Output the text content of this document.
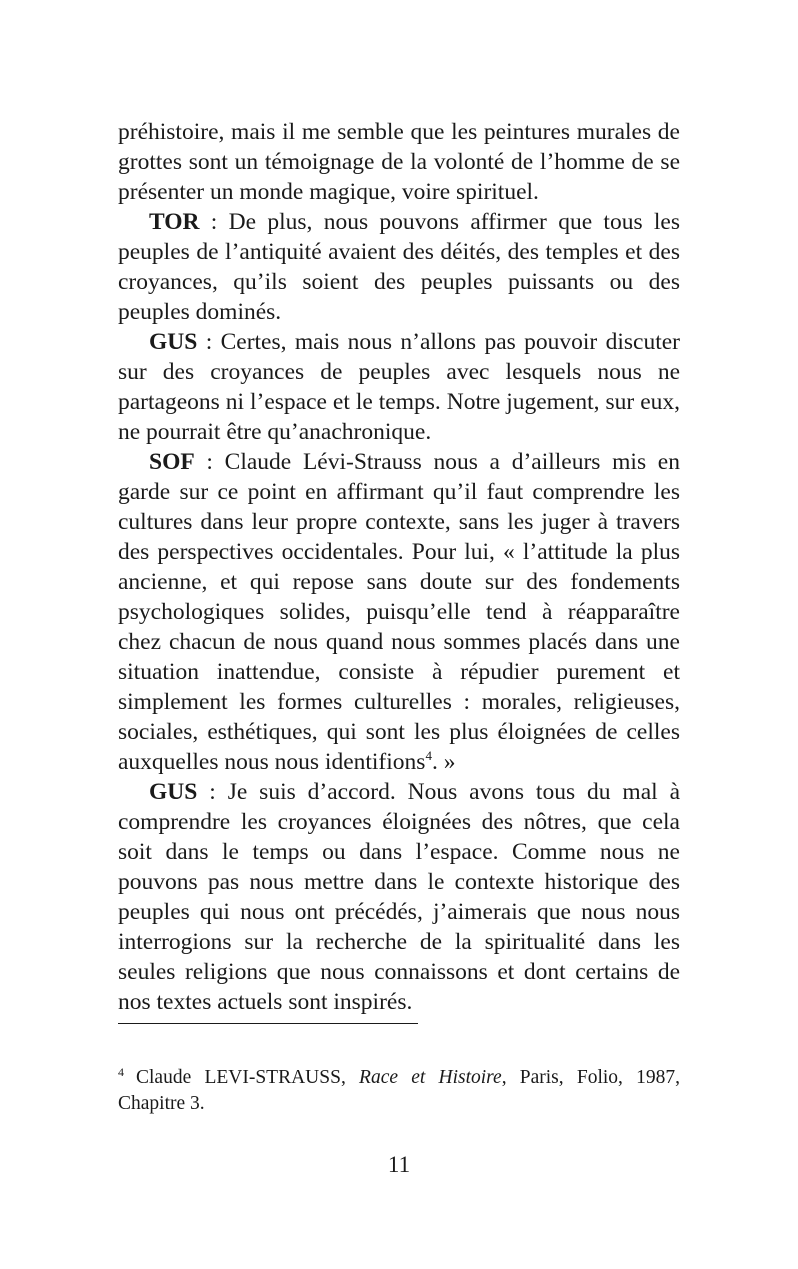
préhistoire, mais il me semble que les peintures murales de grottes sont un témoignage de la volonté de l’homme de se présenter un monde magique, voire spirituel.

TOR : De plus, nous pouvons affirmer que tous les peuples de l’antiquité avaient des déités, des temples et des croyances, qu’ils soient des peuples puissants ou des peuples dominés.

GUS : Certes, mais nous n’allons pas pouvoir discuter sur des croyances de peuples avec lesquels nous ne partageons ni l’espace et le temps. Notre jugement, sur eux, ne pourrait être qu’anachronique.

SOF : Claude Lévi-Strauss nous a d’ailleurs mis en garde sur ce point en affirmant qu’il faut comprendre les cultures dans leur propre contexte, sans les juger à travers des perspectives occidentales. Pour lui, « l’attitude la plus ancienne, et qui repose sans doute sur des fondements psychologiques solides, puisqu’elle tend à réapparaître chez chacun de nous quand nous sommes placés dans une situation inattendue, consiste à répudier purement et simplement les formes culturelles : morales, religieuses, sociales, esthétiques, qui sont les plus éloignées de celles auxquelles nous nous identifions$^4$. »

GUS : Je suis d’accord. Nous avons tous du mal à comprendre les croyances éloignées des nôtres, que cela soit dans le temps ou dans l’espace. Comme nous ne pouvons pas nous mettre dans le contexte historique des peuples qui nous ont précédés, j’aimerais que nous nous interrogions sur la recherche de la spiritualité dans les seules religions que nous connaissons et dont certains de nos textes actuels sont inspirés.

$^4$ Claude LEVI-STRAUSS, Race et Histoire, Paris, Folio, 1987, Chapitre 3.
11
